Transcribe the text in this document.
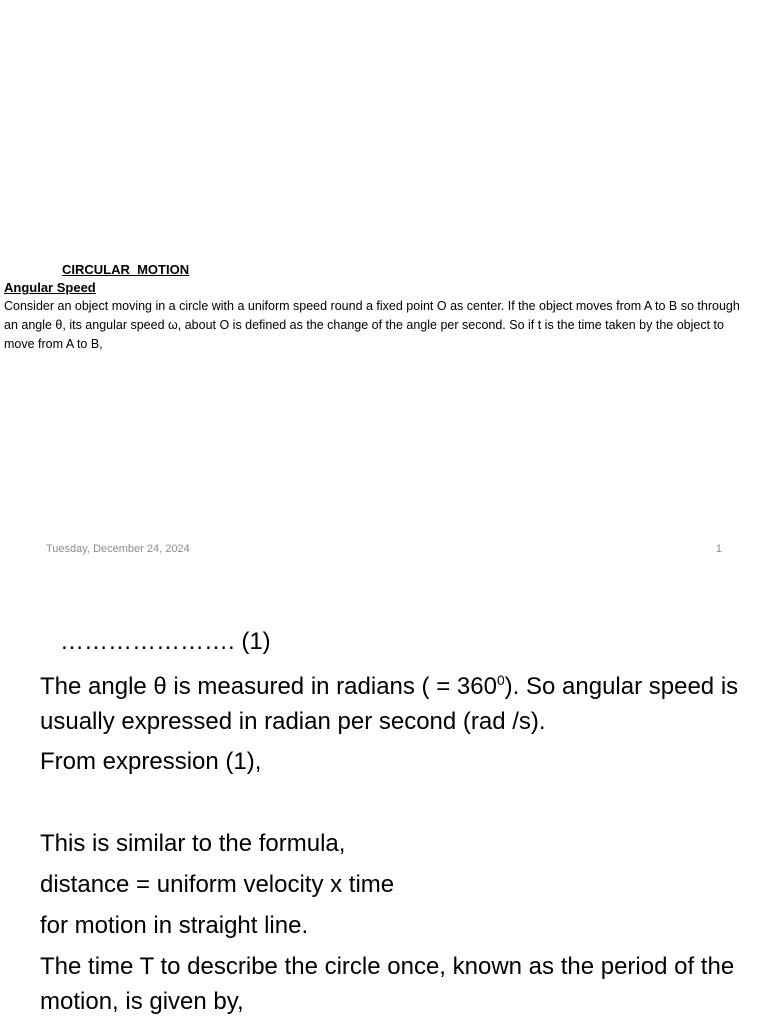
CIRCULAR  MOTION
Angular Speed

Consider an object moving in a circle with a uniform speed round a fixed point O as center. If the object moves from A to B so through an angle θ, its angular speed ω, about O is defined as the change of the angle per second. So if t is the time taken by the object to move from A to B,

Tuesday, December 24, 2024	1
…………………. (1)

The angle θ is measured in radians ( = $360^0$). So angular speed is usually expressed in radian per second (rad /s).

From expression (1),

This is similar to the formula,

distance = uniform velocity x time

for motion in straight line.

The time T to describe the circle once, known as the period of the motion, is given by,
